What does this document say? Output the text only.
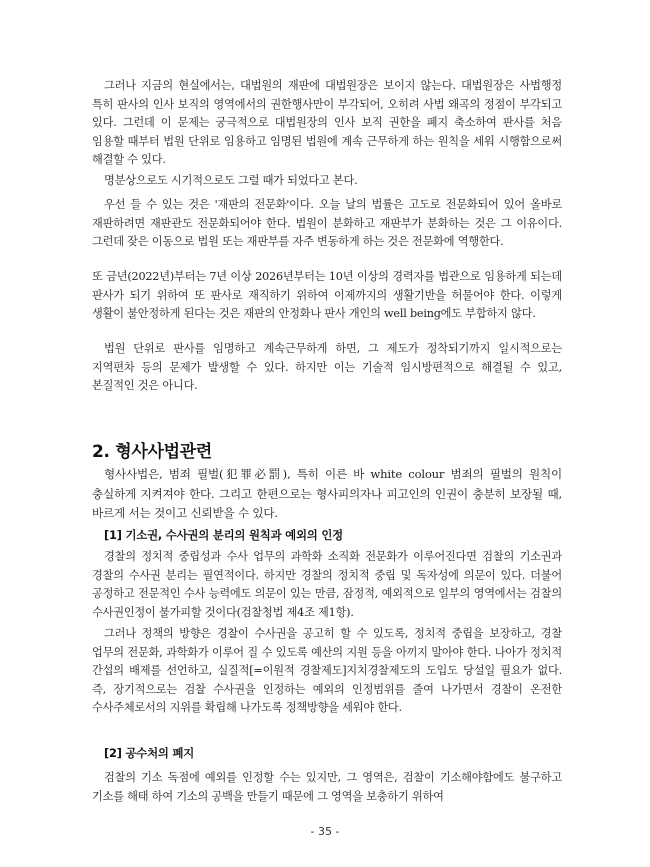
그러나 지금의 현실에서는, 대법원의 재판에 대법원장은 보이지 않는다. 대법원장은 사법행정 특히 판사의 인사 보직의 영역에서의 권한행사만이 부각되어, 오히려 사법 왜곡의 정점이 부각되고 있다. 그런데 이 문제는 궁극적으로 대법원장의 인사 보직 권한을 폐지 축소하여 판사를 처음 임용할 때부터 법원 단위로 임용하고 임명된 법원에 계속 근무하게 하는 원칙을 세워 시행함으로써 해결할 수 있다.

명분상으로도 시기적으로도 그럴 때가 되었다고 본다.

우선 들 수 있는 것은 '재판의 전문화'이다. 오늘 날의 법률은 고도로 전문화되어 있어 올바로 재판하려면 재판관도 전문화되어야 한다. 법원이 분화하고 재판부가 분화하는 것은 그 이유이다. 그런데 잦은 이동으로 법원 또는 재판부를 자주 변동하게 하는 것은 전문화에 역행한다.

또 금년(2022년)부터는 7년 이상 2026년부터는 10년 이상의 경력자를 법관으로 임용하게 되는데 판사가 되기 위하여 또 판사로 재직하기 위하여 이제까지의 생활기반을 허물어야 한다. 이렇게 생활이 불안정하게 된다는 것은 재판의 안정화나 판사 개인의 well being에도 부합하지 않다.

법원 단위로 판사를 임명하고 계속근무하게 하면, 그 제도가 정착되기까지 일시적으로는 지역편차 등의 문제가 발생할 수 있다. 하지만 이는 기술적 임시방편적으로 해결될 수 있고, 본질적인 것은 아니다.

2. 형사사법관련

형사사법은, 범죄 필벌(犯罪必罰), 특히 이른 바 white colour 범죄의 필벌의 원칙이 충실하게 지켜져야 한다. 그리고 한편으로는 형사피의자나 피고인의 인권이 충분히 보장될 때, 바르게 서는 것이고 신뢰받을 수 있다.

[1] 기소권, 수사권의 분리의 원칙과 예외의 인정

경찰의 정치적 중립성과 수사 업무의 과학화 소직화 전문화가 이루어진다면 검찰의 기소권과 경찰의 수사권 분리는 필연적이다. 하지만 경찰의 정치적 중립 및 독자성에 의문이 있다. 더불어 공정하고 전문적인 수사 능력에도 의문이 있는 만큼, 잠정적, 예외적으로 일부의 영역에서는 검찰의 수사권인정이 불가피할 것이다(검찰청법 제4조 제1항).

그러나 정책의 방향은 경찰이 수사권을 공고히 할 수 있도록, 정치적 중립을 보장하고, 경찰 업무의 전문화, 과학화가 이루어 질 수 있도록 예산의 지원 등을 아끼지 말아야 한다. 나아가 정치적 간섭의 배제를 선언하고, 실질적[=이원적 경찰제도]지치경찰제도의 도입도 당설일 필요가 없다. 즉, 장기적으로는 검찰 수사권을 인정하는 예외의 인정범위를 줄여 나가면서 경찰이 온전한 수사주체로서의 지위를 확립해 나가도록 정책방향을 세워야 한다.

[2] 공수처의 폐지

검찰의 기소 독점에 예외를 인정할 수는 있지만, 그 영역은, 검찰이 기소해야함에도 불구하고 기소를 해태 하여 기소의 공백을 만들기 때문에 그 영역을 보충하기 위하여

- 35 -
